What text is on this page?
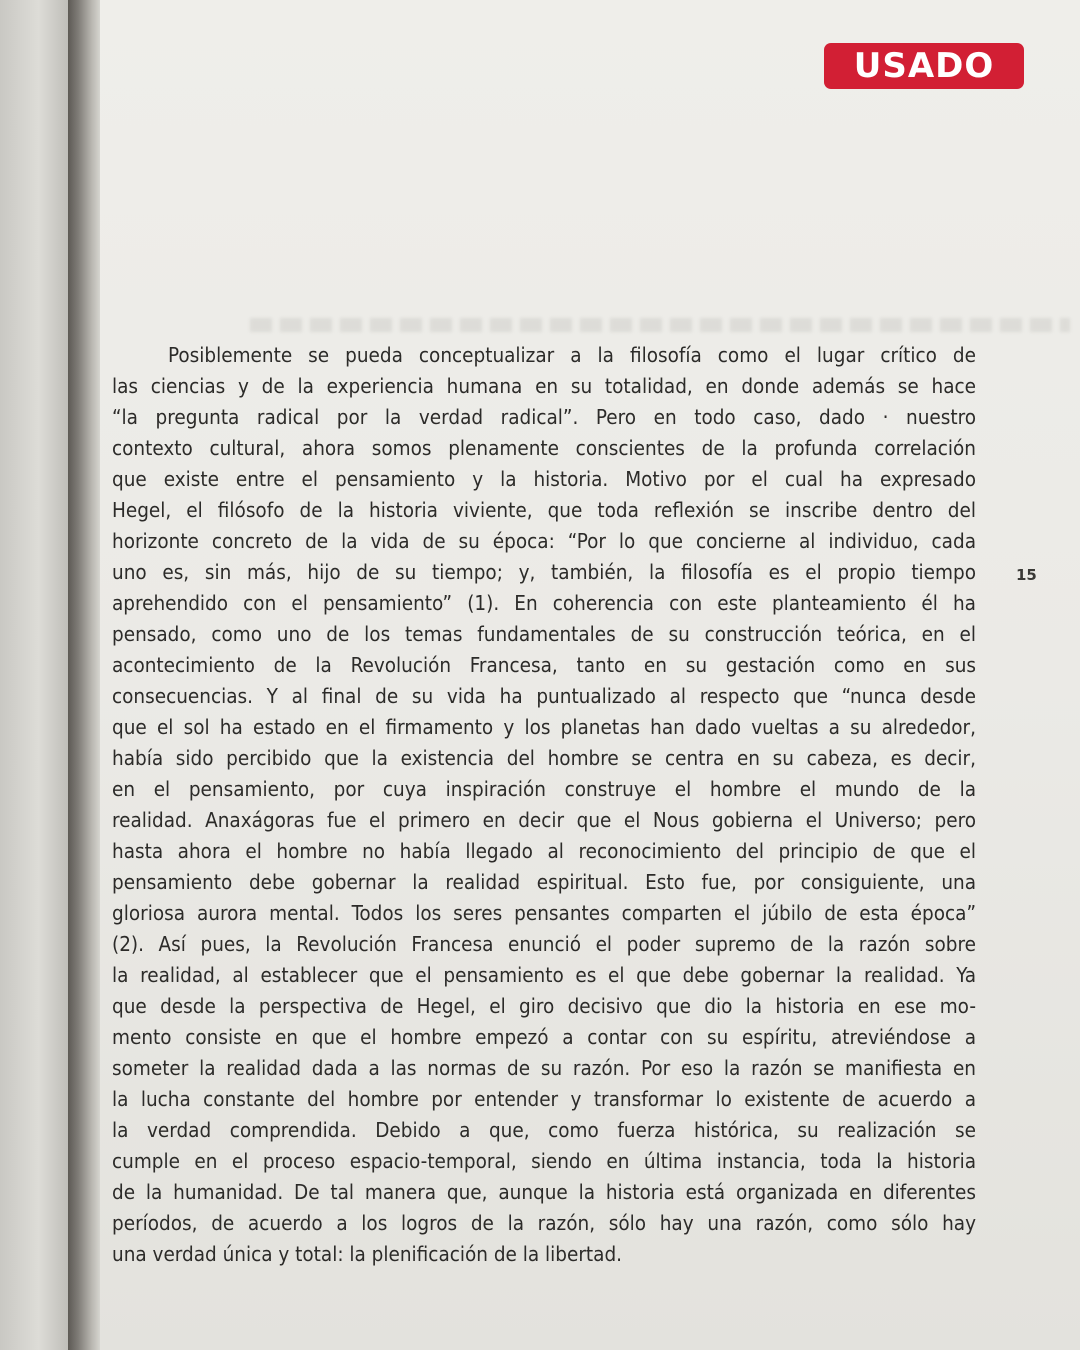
USADO
Posiblemente se pueda conceptualizar a la filosofía como el lugar crítico de
las ciencias y de la experiencia humana en su totalidad, en donde además se hace
“la pregunta radical por la verdad radical”. Pero en todo caso, dado · nuestro
contexto cultural, ahora somos plenamente conscientes de la profunda correlación
que existe entre el pensamiento y la historia. Motivo por el cual ha expresado
Hegel, el filósofo de la historia viviente, que toda reflexión se inscribe dentro del
horizonte concreto de la vida de su época: “Por lo que concierne al individuo, cada
uno es, sin más, hijo de su tiempo; y, también, la filosofía es el propio tiempo
aprehendido con el pensamiento” (1). En coherencia con este planteamiento él ha
pensado, como uno de los temas fundamentales de su construcción teórica, en el
acontecimiento de la Revolución Francesa, tanto en su gestación como en sus
consecuencias. Y al final de su vida ha puntualizado al respecto que “nunca desde
que el sol ha estado en el firmamento y los planetas han dado vueltas a su alrededor,
había sido percibido que la existencia del hombre se centra en su cabeza, es decir,
en el pensamiento, por cuya inspiración construye el hombre el mundo de la
realidad. Anaxágoras fue el primero en decir que el Nous gobierna el Universo; pero
hasta ahora el hombre no había llegado al reconocimiento del principio de que el
pensamiento debe gobernar la realidad espiritual. Esto fue, por consiguiente, una
gloriosa aurora mental. Todos los seres pensantes comparten el júbilo de esta época”
(2). Así pues, la Revolución Francesa enunció el poder supremo de la razón sobre
la realidad, al establecer que el pensamiento es el que debe gobernar la realidad. Ya
que desde la perspectiva de Hegel, el giro decisivo que dio la historia en ese mo-
mento consiste en que el hombre empezó a contar con su espíritu, atreviéndose a
someter la realidad dada a las normas de su razón. Por eso la razón se manifiesta en
la lucha constante del hombre por entender y transformar lo existente de acuerdo a
la verdad comprendida. Debido a que, como fuerza histórica, su realización se
cumple en el proceso espacio-temporal, siendo en última instancia, toda la historia
de la humanidad. De tal manera que, aunque la historia está organizada en diferentes
períodos, de acuerdo a los logros de la razón, sólo hay una razón, como sólo hay
una verdad única y total: la plenificación de la libertad.
15
